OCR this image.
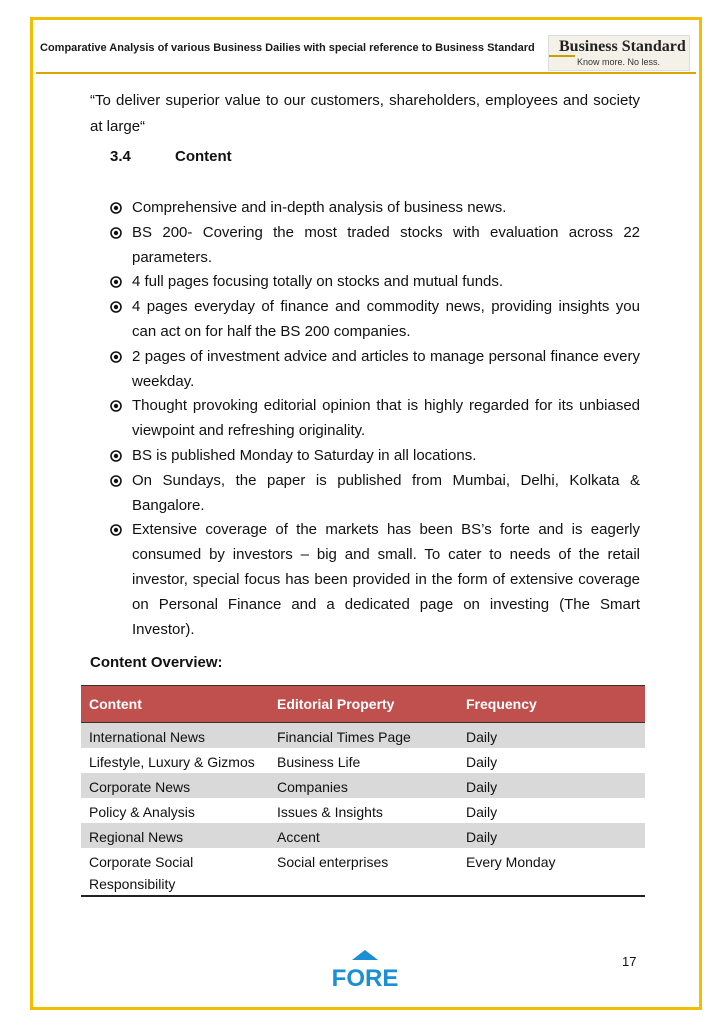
Comparative Analysis of various Business Dailies with special reference to Business Standard Business Standard
Know more. No less.
“To deliver superior value to our customers, shareholders, employees and society at large“
3.4	Content
Comprehensive and in-depth analysis of business news.
BS 200- Covering the most traded stocks with evaluation across 22 parameters.
4 full pages focusing totally on stocks and mutual funds.
4 pages everyday of finance and commodity news, providing insights you can act on for half the BS 200 companies.
2 pages of investment advice and articles to manage personal finance every weekday.
Thought provoking editorial opinion that is highly regarded for its unbiased viewpoint and refreshing originality.
BS is published Monday to Saturday in all locations.
On Sundays, the paper is published from Mumbai, Delhi, Kolkata & Bangalore.
Extensive coverage of the markets has been BS’s forte and is eagerly consumed by investors – big and small. To cater to needs of the retail investor, special focus has been provided in the form of extensive coverage on Personal Finance and a dedicated page on investing (The Smart Investor).
Content Overview:
Content	Editorial Property	Frequency
International News	Financial Times Page	Daily
Lifestyle, Luxury & Gizmos	Business Life	Daily
Corporate News	Companies	Daily
Policy & Analysis	Issues & Insights	Daily
Regional News	Accent	Daily
Corporate Social Responsibility	Social enterprises	Every Monday
FORE
17
